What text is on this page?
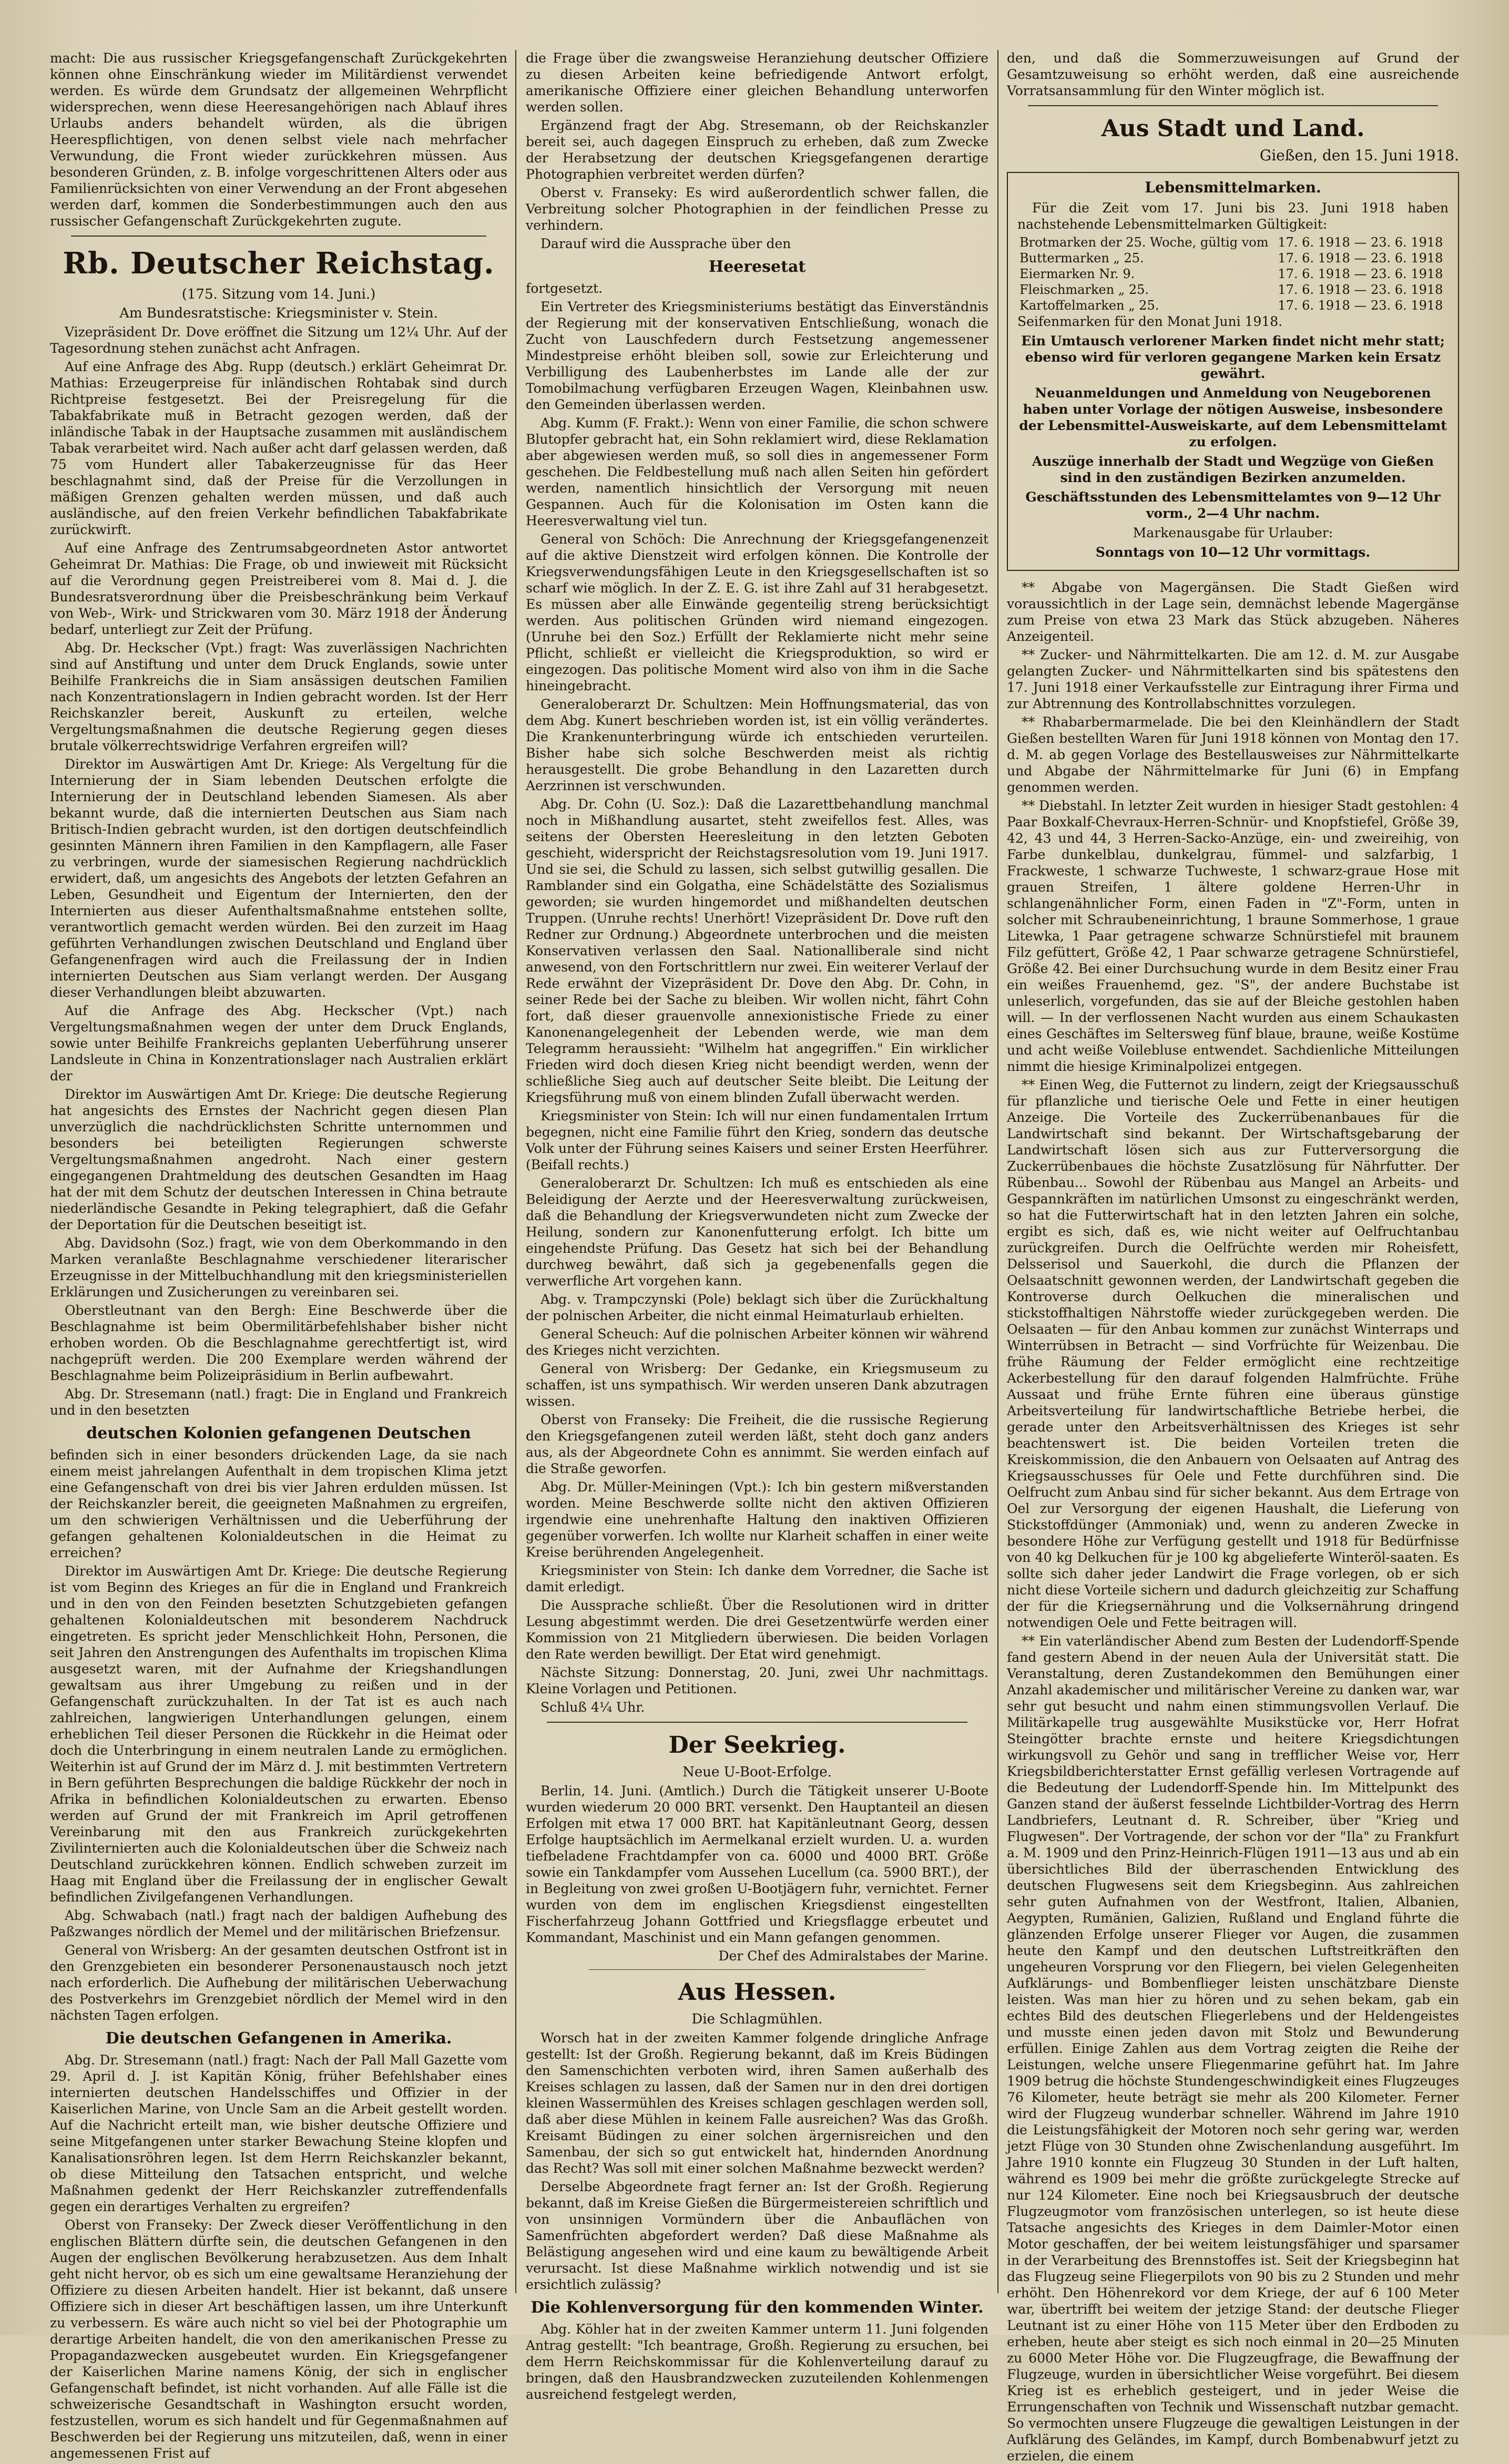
macht: Die aus russischer Kriegsgefangenschaft Zurückgekehrten können ohne Einschränkung wieder im Militärdienst verwendet werden. Es würde dem Grundsatz der allgemeinen Wehrpflicht widersprechen, wenn diese Heeresangehörigen nach Ablauf ihres Urlaubs anders behandelt würden, als die übrigen Heerespflichtigen, von denen selbst viele nach mehrfacher Verwundung, die Front wieder zurückkehren müssen. Aus besonderen Gründen, z. B. infolge vorgeschrittenen Alters oder aus Familienrücksichten von einer Verwendung an der Front abgesehen werden darf, kommen die Sonderbestimmungen auch den aus russischer Gefangenschaft Zurückgekehrten zugute.

Rb. Deutscher Reichstag.
(175. Sitzung vom 14. Juni.)
Am Bundesratstische: Kriegsminister v. Stein.

Vizepräsident Dr. Dove eröffnet die Sitzung um 12¼ Uhr. Auf der Tagesordnung stehen zunächst acht Anfragen.

Auf eine Anfrage des Abg. Rupp (deutsch.) erklärt Geheimrat Dr. Mathias: Erzeugerpreise für inländischen Rohtabak sind durch Richtpreise festgesetzt. Bei der Preisregelung für die Tabakfabrikate muß in Betracht gezogen werden, daß der inländische Tabak in der Hauptsache zusammen mit ausländischem Tabak verarbeitet wird. Nach außer acht darf gelassen werden, daß 75 vom Hundert aller Tabakerzeugnisse für das Heer beschlagnahmt sind, daß der Preise für die Verzollungen in mäßigen Grenzen gehalten werden müssen, und daß auch ausländische, auf den freien Verkehr befindlichen Tabakfabrikate zurückwirft.

Auf eine Anfrage des Zentrumsabgeordneten Astor antwortet Geheimrat Dr. Mathias: Die Frage, ob und inwieweit mit Rücksicht auf die Verordnung gegen Preistreiberei vom 8. Mai d. J. die Bundesratsverordnung über die Preisbeschränkung beim Verkauf von Web-, Wirk- und Strickwaren vom 30. März 1918 der Änderung bedarf, unterliegt zur Zeit der Prüfung.

Abg. Dr. Heckscher (Vpt.) fragt: Was zuverlässigen Nachrichten sind auf Anstiftung und unter dem Druck Englands, sowie unter Beihilfe Frankreichs die in Siam ansässigen deutschen Familien nach Konzentrationslagern in Indien gebracht worden. Ist der Herr Reichskanzler bereit, Auskunft zu erteilen, welche Vergeltungsmaßnahmen die deutsche Regierung gegen dieses brutale völkerrechtswidrige Verfahren ergreifen will?

Direktor im Auswärtigen Amt Dr. Kriege: Als Vergeltung für die Internierung der in Siam lebenden Deutschen erfolgte die Internierung der in Deutschland lebenden Siamesen. Als aber bekannt wurde, daß die internierten Deutschen aus Siam nach Britisch-Indien gebracht wurden, ist den dortigen deutschfeindlich gesinnten Männern ihren Familien in den Kampflagern, alle Faser zu verbringen, wurde der siamesischen Regierung nachdrücklich erwidert, daß, um angesichts des Angebots der letzten Gefahren an Leben, Gesundheit und Eigentum der Internierten, den der Internierten aus dieser Aufenthaltsmaßnahme entstehen sollte, verantwortlich gemacht werden würden. Bei den zurzeit im Haag geführten Verhandlungen zwischen Deutschland und England über Gefangenenfragen wird auch die Freilassung der in Indien internierten Deutschen aus Siam verlangt werden. Der Ausgang dieser Verhandlungen bleibt abzuwarten.

Auf die Anfrage des Abg. Heckscher (Vpt.) nach Vergeltungsmaßnahmen wegen der unter dem Druck Englands, sowie unter Beihilfe Frankreichs geplanten Ueberführung unserer Landsleute in China in Konzentrationslager nach Australien erklärt der

Direktor im Auswärtigen Amt Dr. Kriege: Die deutsche Regierung hat angesichts des Ernstes der Nachricht gegen diesen Plan unverzüglich die nachdrücklichsten Schritte unternommen und besonders bei beteiligten Regierungen schwerste Vergeltungsmaßnahmen angedroht. Nach einer gestern eingegangenen Drahtmeldung des deutschen Gesandten im Haag hat der mit dem Schutz der deutschen Interessen in China betraute niederländische Gesandte in Peking telegraphiert, daß die Gefahr der Deportation für die Deutschen beseitigt ist.

Abg. Davidsohn (Soz.) fragt, wie von dem Oberkommando in den Marken veranlaßte Beschlagnahme verschiedener literarischer Erzeugnisse in der Mittelbuchhandlung mit den kriegsministeriellen Erklärungen und Zusicherungen zu vereinbaren sei.

Oberstleutnant van den Bergh: Eine Beschwerde über die Beschlagnahme ist beim Obermilitärbefehlshaber bisher nicht erhoben worden. Ob die Beschlagnahme gerechtfertigt ist, wird nachgeprüft werden. Die 200 Exemplare werden während der Beschlagnahme beim Polizeipräsidium in Berlin aufbewahrt.

Abg. Dr. Stresemann (natl.) fragt: Die in England und Frankreich und in den besetzten

deutschen Kolonien gefangenen Deutschen

befinden sich in einer besonders drückenden Lage, da sie nach einem meist jahrelangen Aufenthalt in dem tropischen Klima jetzt eine Gefangenschaft von drei bis vier Jahren erdulden müssen. Ist der Reichskanzler bereit, die geeigneten Maßnahmen zu ergreifen, um den schwierigen Verhältnissen und die Ueberführung der gefangen gehaltenen Kolonialdeutschen in die Heimat zu erreichen?

Direktor im Auswärtigen Amt Dr. Kriege: Die deutsche Regierung ist vom Beginn des Krieges an für die in England und Frankreich und in den von den Feinden besetzten Schutzgebieten gefangen gehaltenen Kolonialdeutschen mit besonderem Nachdruck eingetreten. Es spricht jeder Menschlichkeit Hohn, Personen, die seit Jahren den Anstrengungen des Aufenthalts im tropischen Klima ausgesetzt waren, mit der Aufnahme der Kriegshandlungen gewaltsam aus ihrer Umgebung zu reißen und in der Gefangenschaft zurückzuhalten. In der Tat ist es auch nach zahlreichen, langwierigen Unterhandlungen gelungen, einem erheblichen Teil dieser Personen die Rückkehr in die Heimat oder doch die Unterbringung in einem neutralen Lande zu ermöglichen. Weiterhin ist auf Grund der im März d. J. mit bestimmten Vertretern in Bern geführten Besprechungen die baldige Rückkehr der noch in Afrika in befindlichen Kolonialdeutschen zu erwarten. Ebenso werden auf Grund der mit Frankreich im April getroffenen Vereinbarung mit den aus Frankreich zurückgekehrten Zivilinternierten auch die Kolonialdeutschen über die Schweiz nach Deutschland zurückkehren können. Endlich schweben zurzeit im Haag mit England über die Freilassung der in englischer Gewalt befindlichen Zivilgefangenen Verhandlungen.

Abg. Schwabach (natl.) fragt nach der baldigen Aufhebung des Paßzwanges nördlich der Memel und der militärischen Briefzensur.

General von Wrisberg: An der gesamten deutschen Ostfront ist in den Grenzgebieten ein besonderer Personenaustausch noch jetzt nach erforderlich. Die Aufhebung der militärischen Ueberwachung des Postverkehrs im Grenzgebiet nördlich der Memel wird in den nächsten Tagen erfolgen.

Die deutschen Gefangenen in Amerika.

Abg. Dr. Stresemann (natl.) fragt: Nach der Pall Mall Gazette vom 29. April d. J. ist Kapitän König, früher Befehlshaber eines internierten deutschen Handelsschiffes und Offizier in der Kaiserlichen Marine, von Uncle Sam an die Arbeit gestellt worden. Auf die Nachricht erteilt man, wie bisher deutsche Offiziere und seine Mitgefangenen unter starker Bewachung Steine klopfen und Kanalisationsröhren legen. Ist dem Herrn Reichskanzler bekannt, ob diese Mitteilung den Tatsachen entspricht, und welche Maßnahmen gedenkt der Herr Reichskanzler zutreffendenfalls gegen ein derartiges Verhalten zu ergreifen?

Oberst von Franseky: Der Zweck dieser Veröffentlichung in den englischen Blättern dürfte sein, die deutschen Gefangenen in den Augen der englischen Bevölkerung herabzusetzen. Aus dem Inhalt geht nicht hervor, ob es sich um eine gewaltsame Heranziehung der Offiziere zu diesen Arbeiten handelt. Hier ist bekannt, daß unsere Offiziere sich in dieser Art beschäftigen lassen, um ihre Unterkunft zu verbessern. Es wäre auch nicht so viel bei der Photographie um derartige Arbeiten handelt, die von den amerikanischen Presse zu Propagandazwecken ausgebeutet wurden. Ein Kriegsgefangener der Kaiserlichen Marine namens König, der sich in englischer Gefangenschaft befindet, ist nicht vorhanden. Auf alle Fälle ist die schweizerische Gesandtschaft in Washington ersucht worden, festzustellen, worum es sich handelt und für Gegenmaßnahmen auf Beschwerden bei der Regierung uns mitzuteilen, daß, wenn in einer angemessenen Frist auf

die Frage über die zwangsweise Heranziehung deutscher Offiziere zu diesen Arbeiten keine befriedigende Antwort erfolgt, amerikanische Offiziere einer gleichen Behandlung unterworfen werden sollen.

Ergänzend fragt der Abg. Stresemann, ob der Reichskanzler bereit sei, auch dagegen Einspruch zu erheben, daß zum Zwecke der Herabsetzung der deutschen Kriegsgefangenen derartige Photographien verbreitet werden dürfen?

Oberst v. Franseky: Es wird außerordentlich schwer fallen, die Verbreitung solcher Photographien in der feindlichen Presse zu verhindern.

Darauf wird die Aussprache über den

Heeresetat

fortgesetzt.

Ein Vertreter des Kriegsministeriums bestätigt das Einverständnis der Regierung mit der konservativen Entschließung, wonach die Zucht von Lauschfedern durch Festsetzung angemessener Mindestpreise erhöht bleiben soll, sowie zur Erleichterung und Verbilligung des Laubenherbstes im Lande alle der zur Tomobilmachung verfügbaren Erzeugen Wagen, Kleinbahnen usw. den Gemeinden überlassen werden.

Abg. Kumm (F. Frakt.): Wenn von einer Familie, die schon schwere Blutopfer gebracht hat, ein Sohn reklamiert wird, diese Reklamation aber abgewiesen werden muß, so soll dies in angemessener Form geschehen. Die Feldbestellung muß nach allen Seiten hin gefördert werden, namentlich hinsichtlich der Versorgung mit neuen Gespannen. Auch für die Kolonisation im Osten kann die Heeresverwaltung viel tun.

General von Schöch: Die Anrechnung der Kriegsgefangenenzeit auf die aktive Dienstzeit wird erfolgen können. Die Kontrolle der Kriegsverwendungsfähigen Leute in den Kriegsgesellschaften ist so scharf wie möglich. In der Z. E. G. ist ihre Zahl auf 31 herabgesetzt. Es müssen aber alle Einwände gegenteilig streng berücksichtigt werden. Aus politischen Gründen wird niemand eingezogen. (Unruhe bei den Soz.) Erfüllt der Reklamierte nicht mehr seine Pflicht, schließt er vielleicht die Kriegsproduktion, so wird er eingezogen. Das politische Moment wird also von ihm in die Sache hineingebracht.

Generaloberarzt Dr. Schultzen: Mein Hoffnungsmaterial, das von dem Abg. Kunert beschrieben worden ist, ist ein völlig verändertes. Die Krankenunterbringung würde ich entschieden verurteilen. Bisher habe sich solche Beschwerden meist als richtig herausgestellt. Die grobe Behandlung in den Lazaretten durch Aerzrinnen ist verschwunden.

Abg. Dr. Cohn (U. Soz.): Daß die Lazarettbehandlung manchmal noch in Mißhandlung ausartet, steht zweifellos fest. Alles, was seitens der Obersten Heeresleitung in den letzten Geboten geschieht, widerspricht der Reichstagsresolution vom 19. Juni 1917. Und sie sei, die Schuld zu lassen, sich selbst gutwillig gesallen. Die Ramblander sind ein Golgatha, eine Schädelstätte des Sozialismus geworden; sie wurden hingemordet und mißhandelten deutschen Truppen. (Unruhe rechts! Unerhört! Vizepräsident Dr. Dove ruft den Redner zur Ordnung.) Abgeordnete unterbrochen und die meisten Konservativen verlassen den Saal. Nationalliberale sind nicht anwesend, von den Fortschrittlern nur zwei. Ein weiterer Verlauf der Rede erwähnt der Vizepräsident Dr. Dove den Abg. Dr. Cohn, in seiner Rede bei der Sache zu bleiben. Wir wollen nicht, fährt Cohn fort, daß dieser grauenvolle annexionistische Friede zu einer Kanonenangelegenheit der Lebenden werde, wie man dem Telegramm heraussieht: "Wilhelm hat angegriffen." Ein wirklicher Frieden wird doch diesen Krieg nicht beendigt werden, wenn der schließliche Sieg auch auf deutscher Seite bleibt. Die Leitung der Kriegsführung muß von einem blinden Zufall überwacht werden.

Kriegsminister von Stein: Ich will nur einen fundamentalen Irrtum begegnen, nicht eine Familie führt den Krieg, sondern das deutsche Volk unter der Führung seines Kaisers und seiner Ersten Heerführer. (Beifall rechts.)

Generaloberarzt Dr. Schultzen: Ich muß es entschieden als eine Beleidigung der Aerzte und der Heeresverwaltung zurückweisen, daß die Behandlung der Kriegsverwundeten nicht zum Zwecke der Heilung, sondern zur Kanonenfutterung erfolgt. Ich bitte um eingehendste Prüfung. Das Gesetz hat sich bei der Behandlung durchweg bewährt, daß sich ja gegebenenfalls gegen die verwerfliche Art vorgehen kann.

Abg. v. Trampczynski (Pole) beklagt sich über die Zurückhaltung der polnischen Arbeiter, die nicht einmal Heimaturlaub erhielten.

General Scheuch: Auf die polnischen Arbeiter können wir während des Krieges nicht verzichten.

General von Wrisberg: Der Gedanke, ein Kriegsmuseum zu schaffen, ist uns sympathisch. Wir werden unseren Dank abzutragen wissen.

Oberst von Franseky: Die Freiheit, die die russische Regierung den Kriegsgefangenen zuteil werden läßt, steht doch ganz anders aus, als der Abgeordnete Cohn es annimmt. Sie werden einfach auf die Straße geworfen.

Abg. Dr. Müller-Meiningen (Vpt.): Ich bin gestern mißverstanden worden. Meine Beschwerde sollte nicht den aktiven Offizieren irgendwie eine unehrenhafte Haltung den inaktiven Offizieren gegenüber vorwerfen. Ich wollte nur Klarheit schaffen in einer weite Kreise berührenden Angelegenheit.

Kriegsminister von Stein: Ich danke dem Vorredner, die Sache ist damit erledigt.

Die Aussprache schließt. Über die Resolutionen wird in dritter Lesung abgestimmt werden. Die drei Gesetzentwürfe werden einer Kommission von 21 Mitgliedern überwiesen. Die beiden Vorlagen den Rate werden bewilligt. Der Etat wird genehmigt.

Nächste Sitzung: Donnerstag, 20. Juni, zwei Uhr nachmittags. Kleine Vorlagen und Petitionen.

Schluß 4¼ Uhr.

Der Seekrieg.
Neue U-Boot-Erfolge.

Berlin, 14. Juni. (Amtlich.) Durch die Tätigkeit unserer U-Boote wurden wiederum 20 000 BRT. versenkt. Den Hauptanteil an diesen Erfolgen mit etwa 17 000 BRT. hat Kapitänleutnant Georg, dessen Erfolge hauptsächlich im Aermelkanal erzielt wurden. U. a. wurden tiefbeladene Frachtdampfer von ca. 6000 und 4000 BRT. Größe sowie ein Tankdampfer vom Aussehen Lucellum (ca. 5900 BRT.), der in Begleitung von zwei großen U-Bootjägern fuhr, vernichtet. Ferner wurden von dem im englischen Kriegsdienst eingestellten Fischerfahrzeug Johann Gottfried und Kriegsflagge erbeutet und Kommandant, Maschinist und ein Mann gefangen genommen.

Der Chef des Admiralstabes der Marine.

Aus Hessen.
Die Schlagmühlen.

Worsch hat in der zweiten Kammer folgende dringliche Anfrage gestellt: Ist der Großh. Regierung bekannt, daß im Kreis Büdingen den Samenschichten verboten wird, ihren Samen außerhalb des Kreises schlagen zu lassen, daß der Samen nur in den drei dortigen kleinen Wassermühlen des Kreises schlagen geschlagen werden soll, daß aber diese Mühlen in keinem Falle ausreichen? Was das Großh. Kreisamt Büdingen zu einer solchen ärgernisreichen und den Samenbau, der sich so gut entwickelt hat, hindernden Anordnung das Recht? Was soll mit einer solchen Maßnahme bezweckt werden?

Derselbe Abgeordnete fragt ferner an: Ist der Großh. Regierung bekannt, daß im Kreise Gießen die Bürgermeistereien schriftlich und von unsinnigen Vormündern über die Anbauflächen von Samenfrüchten abgefordert werden? Daß diese Maßnahme als Belästigung angesehen wird und eine kaum zu bewältigende Arbeit verursacht. Ist diese Maßnahme wirklich notwendig und ist sie ersichtlich zulässig?

Die Kohlenversorgung für den kommenden Winter.

Abg. Köhler hat in der zweiten Kammer unterm 11. Juni folgenden Antrag gestellt: "Ich beantrage, Großh. Regierung zu ersuchen, bei dem Herrn Reichskommissar für die Kohlenverteilung darauf zu bringen, daß den Hausbrandzwecken zuzuteilenden Kohlenmengen ausreichend festgelegt werden,

den, und daß die Sommerzuweisungen auf Grund der Gesamtzuweisung so erhöht werden, daß eine ausreichende Vorratsansammlung für den Winter möglich ist.

Aus Stadt und Land.
Gießen, den 15. Juni 1918.
Lebensmittelmarken.

Für die Zeit vom 17. Juni bis 23. Juni 1918 haben nachstehende Lebensmittelmarken Gültigkeit:

Brotmarken der 25. Woche, gültig vom	17. 6. 1918 — 23. 6. 1918
Buttermarken „ 25.	17. 6. 1918 — 23. 6. 1918
Eiermarken Nr. 9.	17. 6. 1918 — 23. 6. 1918
Fleischmarken „ 25.	17. 6. 1918 — 23. 6. 1918
Kartoffelmarken „ 25.	17. 6. 1918 — 23. 6. 1918

Seifenmarken für den Monat Juni 1918.

Ein Umtausch verlorener Marken findet nicht mehr statt; ebenso wird für verloren gegangene Marken kein Ersatz gewährt.

Neuanmeldungen und Anmeldung von Neugeborenen haben unter Vorlage der nötigen Ausweise, insbesondere der Lebensmittel-Ausweiskarte, auf dem Lebensmittelamt zu erfolgen.

Auszüge innerhalb der Stadt und Wegzüge von Gießen sind in den zuständigen Bezirken anzumelden.

Geschäftsstunden des Lebensmittelamtes von 9—12 Uhr vorm., 2—4 Uhr nachm.

Markenausgabe für Urlauber:

Sonntags von 10—12 Uhr vormittags.

** Abgabe von Magergänsen. Die Stadt Gießen wird voraussichtlich in der Lage sein, demnächst lebende Magergänse zum Preise von etwa 23 Mark das Stück abzugeben. Näheres Anzeigenteil.

** Zucker- und Nährmittelkarten. Die am 12. d. M. zur Ausgabe gelangten Zucker- und Nährmittelkarten sind bis spätestens den 17. Juni 1918 einer Verkaufsstelle zur Eintragung ihrer Firma und zur Abtrennung des Kontrollabschnittes vorzulegen.

** Rhabarbermarmelade. Die bei den Kleinhändlern der Stadt Gießen bestellten Waren für Juni 1918 können von Montag den 17. d. M. ab gegen Vorlage des Bestellausweises zur Nährmittelkarte und Abgabe der Nährmittelmarke für Juni (6) in Empfang genommen werden.

** Diebstahl. In letzter Zeit wurden in hiesiger Stadt gestohlen: 4 Paar Boxkalf-Chevraux-Herren-Schnür- und Knopfstiefel, Größe 39, 42, 43 und 44, 3 Herren-Sacko-Anzüge, ein- und zweireihig, von Farbe dunkelblau, dunkelgrau, fümmel- und salzfarbig, 1 Frackweste, 1 schwarze Tuchweste, 1 schwarz-graue Hose mit grauen Streifen, 1 ältere goldene Herren-Uhr in schlangenähnlicher Form, einen Faden in "Z"-Form, unten in solcher mit Schraubeneinrichtung, 1 braune Sommerhose, 1 graue Litewka, 1 Paar getragene schwarze Schnürstiefel mit braunem Filz gefüttert, Größe 42, 1 Paar schwarze getragene Schnürstiefel, Größe 42. Bei einer Durchsuchung wurde in dem Besitz einer Frau ein weißes Frauenhemd, gez. "S", der andere Buchstabe ist unleserlich, vorgefunden, das sie auf der Bleiche gestohlen haben will. — In der verflossenen Nacht wurden aus einem Schaukasten eines Geschäftes im Seltersweg fünf blaue, braune, weiße Kostüme und acht weiße Voilebluse entwendet. Sachdienliche Mitteilungen nimmt die hiesige Kriminalpolizei entgegen.

** Einen Weg, die Futternot zu lindern, zeigt der Kriegsausschuß für pflanzliche und tierische Oele und Fette in einer heutigen Anzeige. Die Vorteile des Zuckerrübenanbaues für die Landwirtschaft sind bekannt. Der Wirtschaftsgebarung der Landwirtschaft lösen sich aus zur Futterversorgung die Zuckerrübenbaues die höchste Zusatzlösung für Nährfutter. Der Rübenbau... Sowohl der Rübenbau aus Mangel an Arbeits- und Gespannkräften im natürlichen Umsonst zu eingeschränkt werden, so hat die Futterwirtschaft hat in den letzten Jahren ein solche, ergibt es sich, daß es, wie nicht weiter auf Oelfruchtanbau zurückgreifen. Durch die Oelfrüchte werden mir Roheisfett, Delsserisol und Sauerkohl, die durch die Pflanzen der Oelsaatschnitt gewonnen werden, der Landwirtschaft gegeben die Kontroverse durch Oelkuchen die mineralischen und stickstoffhaltigen Nährstoffe wieder zurückgegeben werden. Die Oelsaaten — für den Anbau kommen zur zunächst Winterraps und Winterrübsen in Betracht — sind Vorfrüchte für Weizenbau. Die frühe Räumung der Felder ermöglicht eine rechtzeitige Ackerbestellung für den darauf folgenden Halmfrüchte. Frühe Aussaat und frühe Ernte führen eine überaus günstige Arbeitsverteilung für landwirtschaftliche Betriebe herbei, die gerade unter den Arbeitsverhältnissen des Krieges ist sehr beachtenswert ist. Die beiden Vorteilen treten die Kreiskommission, die den Anbauern von Oelsaaten auf Antrag des Kriegsausschusses für Oele und Fette durchführen sind. Die Oelfrucht zum Anbau sind für sicher bekannt. Aus dem Ertrage von Oel zur Versorgung der eigenen Haushalt, die Lieferung von Stickstoffdünger (Ammoniak) und, wenn zu anderen Zwecke in besondere Höhe zur Verfügung gestellt und 1918 für Bedürfnisse von 40 kg Delkuchen für je 100 kg abgelieferte Winteröl-saaten. Es sollte sich daher jeder Landwirt die Frage vorlegen, ob er sich nicht diese Vorteile sichern und dadurch gleichzeitig zur Schaffung der für die Kriegsernährung und die Volksernährung dringend notwendigen Oele und Fette beitragen will.

** Ein vaterländischer Abend zum Besten der Ludendorff-Spende fand gestern Abend in der neuen Aula der Universität statt. Die Veranstaltung, deren Zustandekommen den Bemühungen einer Anzahl akademischer und militärischer Vereine zu danken war, war sehr gut besucht und nahm einen stimmungsvollen Verlauf. Die Militärkapelle trug ausgewählte Musikstücke vor, Herr Hofrat Steingötter brachte ernste und heitere Kriegsdichtungen wirkungsvoll zu Gehör und sang in trefflicher Weise vor, Herr Kriegsbildberichterstatter Ernst gefällig verlesen Vortragende auf die Bedeutung der Ludendorff-Spende hin. Im Mittelpunkt des Ganzen stand der äußerst fesselnde Lichtbilder-Vortrag des Herrn Landbriefers, Leutnant d. R. Schreiber, über "Krieg und Flugwesen". Der Vortragende, der schon vor der "Ila" zu Frankfurt a. M. 1909 und den Prinz-Heinrich-Flügen 1911—13 aus und ab ein übersichtliches Bild der überraschenden Entwicklung des deutschen Flugwesens seit dem Kriegsbeginn. Aus zahlreichen sehr guten Aufnahmen von der Westfront, Italien, Albanien, Aegypten, Rumänien, Galizien, Rußland und England führte die glänzenden Erfolge unserer Flieger vor Augen, die zusammen heute den Kampf und den deutschen Luftstreitkräften den ungeheuren Vorsprung vor den Fliegern, bei vielen Gelegenheiten Aufklärungs- und Bombenflieger leisten unschätzbare Dienste leisten. Was man hier zu hören und zu sehen bekam, gab ein echtes Bild des deutschen Fliegerlebens und der Heldengeistes und musste einen jeden davon mit Stolz und Bewunderung erfüllen. Einige Zahlen aus dem Vortrag zeigten die Reihe der Leistungen, welche unsere Fliegenmarine geführt hat. Im Jahre 1909 betrug die höchste Stundengeschwindigkeit eines Flugzeuges 76 Kilometer, heute beträgt sie mehr als 200 Kilometer. Ferner wird der Flugzeug wunderbar schneller. Während im Jahre 1910 die Leistungsfähigkeit der Motoren noch sehr gering war, werden jetzt Flüge von 30 Stunden ohne Zwischenlandung ausgeführt. Im Jahre 1910 konnte ein Flugzeug 30 Stunden in der Luft halten, während es 1909 bei mehr die größte zurückgelegte Strecke auf nur 124 Kilometer. Eine noch bei Kriegsausbruch der deutsche Flugzeugmotor vom französischen unterlegen, so ist heute diese Tatsache angesichts des Krieges in dem Daimler-Motor einen Motor geschaffen, der bei weitem leistungsfähiger und sparsamer in der Verarbeitung des Brennstoffes ist. Seit der Kriegsbeginn hat das Flugzeug seine Fliegerpilots von 90 bis zu 2 Stunden und mehr erhöht. Den Höhenrekord vor dem Kriege, der auf 6 100 Meter war, übertrifft bei weitem der jetzige Stand: der deutsche Flieger Leutnant ist zu einer Höhe von 115 Meter über den Erdboden zu erheben, heute aber steigt es sich noch einmal in 20—25 Minuten zu 6000 Meter Höhe vor. Die Flugzeugfrage, die Bewaffnung der Flugzeuge, wurden in übersichtlicher Weise vorgeführt. Bei diesem Krieg ist es erheblich gesteigert, und in jeder Weise die Errungenschaften von Technik und Wissenschaft nutzbar gemacht. So vermochten unsere Flugzeuge die gewaltigen Leistungen in der Aufklärung des Geländes, im Kampf, durch Bombenabwurf jetzt zu erzielen, die einem
